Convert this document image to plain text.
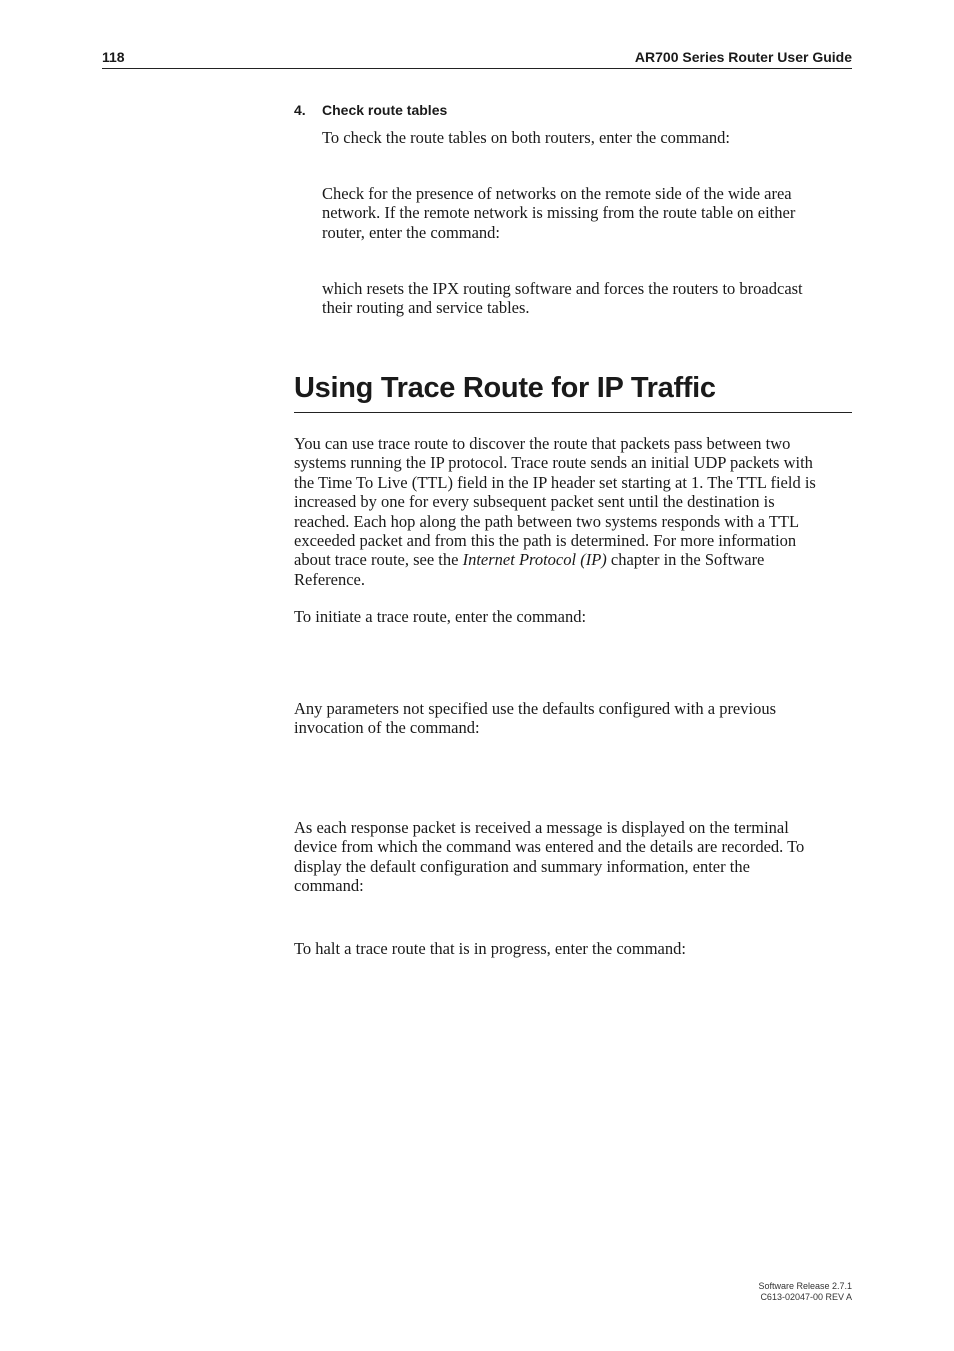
118	AR700 Series Router User Guide
4. Check route tables
To check the route tables on both routers, enter the command:
Check for the presence of networks on the remote side of the wide area
network. If the remote network is missing from the route table on either
router, enter the command:
which resets the IPX routing software and forces the routers to broadcast
their routing and service tables.
Using Trace Route for IP Traffic
You can use trace route to discover the route that packets pass between two
systems running the IP protocol. Trace route sends an initial UDP packets with
the Time To Live (TTL) field in the IP header set starting at 1. The TTL field is
increased by one for every subsequent packet sent until the destination is
reached. Each hop along the path between two systems responds with a TTL
exceeded packet and from this the path is determined. For more information
about trace route, see the Internet Protocol (IP) chapter in the Software
Reference.
To initiate a trace route, enter the command:
Any parameters not specified use the defaults configured with a previous
invocation of the command:
As each response packet is received a message is displayed on the terminal
device from which the command was entered and the details are recorded. To
display the default configuration and summary information, enter the
command:
To halt a trace route that is in progress, enter the command:
Software Release 2.7.1
C613-02047-00 REV A
